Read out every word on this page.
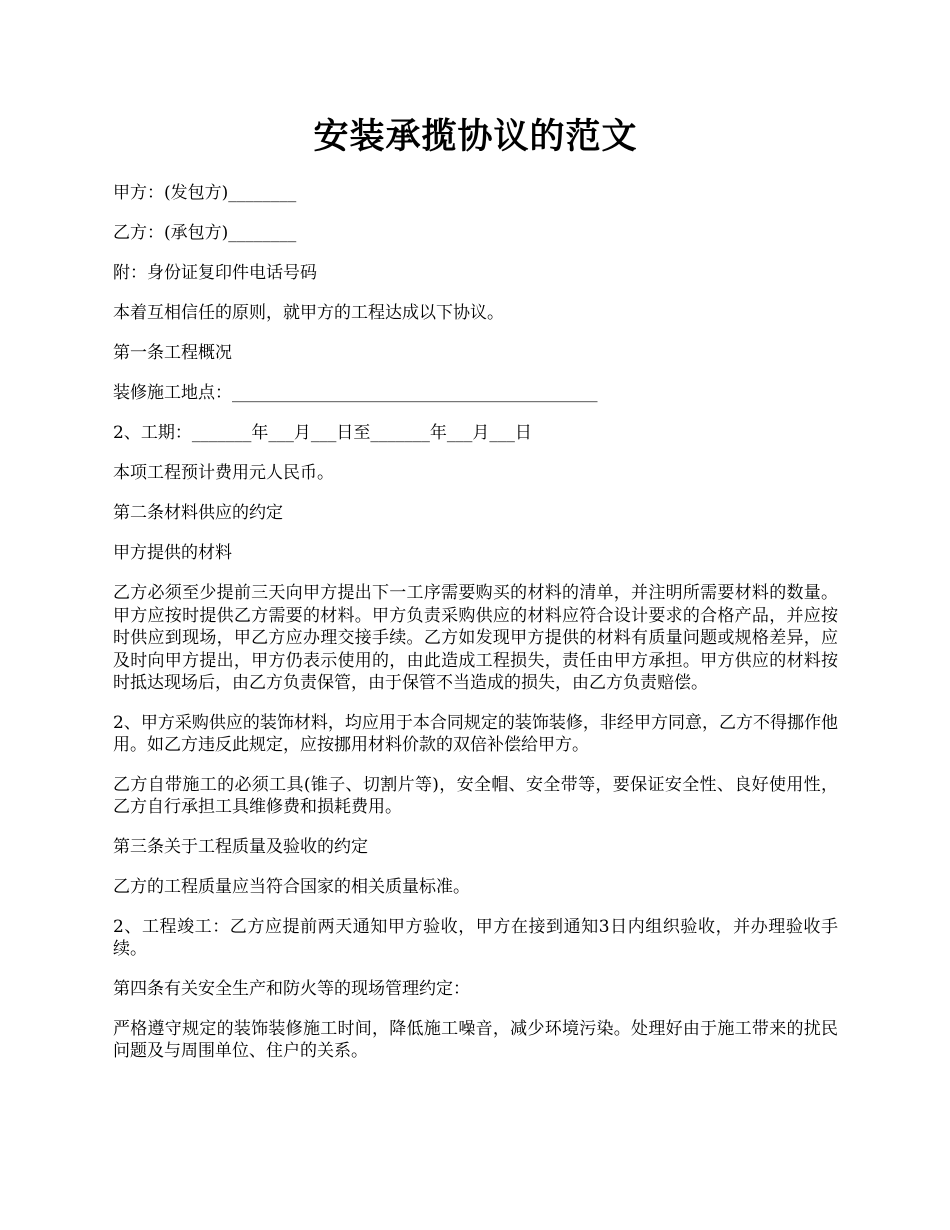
安装承揽协议的范文

甲方：(发包方)________

乙方：(承包方)________

附：身份证复印件电话号码

本着互相信任的原则，就甲方的工程达成以下协议。

第一条工程概况

装修施工地点：___________________________________________

2、工期：_______年___月___日至_______年___月___日

本项工程预计费用元人民币。

第二条材料供应的约定

甲方提供的材料

乙方必须至少提前三天向甲方提出下一工序需要购买的材料的清单，并注明所需要材料的数量。甲方应按时提供乙方需要的材料。甲方负责采购供应的材料应符合设计要求的合格产品，并应按时供应到现场，甲乙方应办理交接手续。乙方如发现甲方提供的材料有质量问题或规格差异，应及时向甲方提出，甲方仍表示使用的，由此造成工程损失，责任由甲方承担。甲方供应的材料按时抵达现场后，由乙方负责保管，由于保管不当造成的损失，由乙方负责赔偿。

2、甲方采购供应的装饰材料，均应用于本合同规定的装饰装修，非经甲方同意，乙方不得挪作他用。如乙方违反此规定，应按挪用材料价款的双倍补偿给甲方。

乙方自带施工的必须工具(锥子、切割片等)，安全帽、安全带等，要保证安全性、良好使用性，乙方自行承担工具维修费和损耗费用。

第三条关于工程质量及验收的约定

乙方的工程质量应当符合国家的相关质量标准。

2、工程竣工：乙方应提前两天通知甲方验收，甲方在接到通知3日内组织验收，并办理验收手续。

第四条有关安全生产和防火等的现场管理约定：

严格遵守规定的装饰装修施工时间，降低施工噪音，减少环境污染。处理好由于施工带来的扰民问题及与周围单位、住户的关系。
